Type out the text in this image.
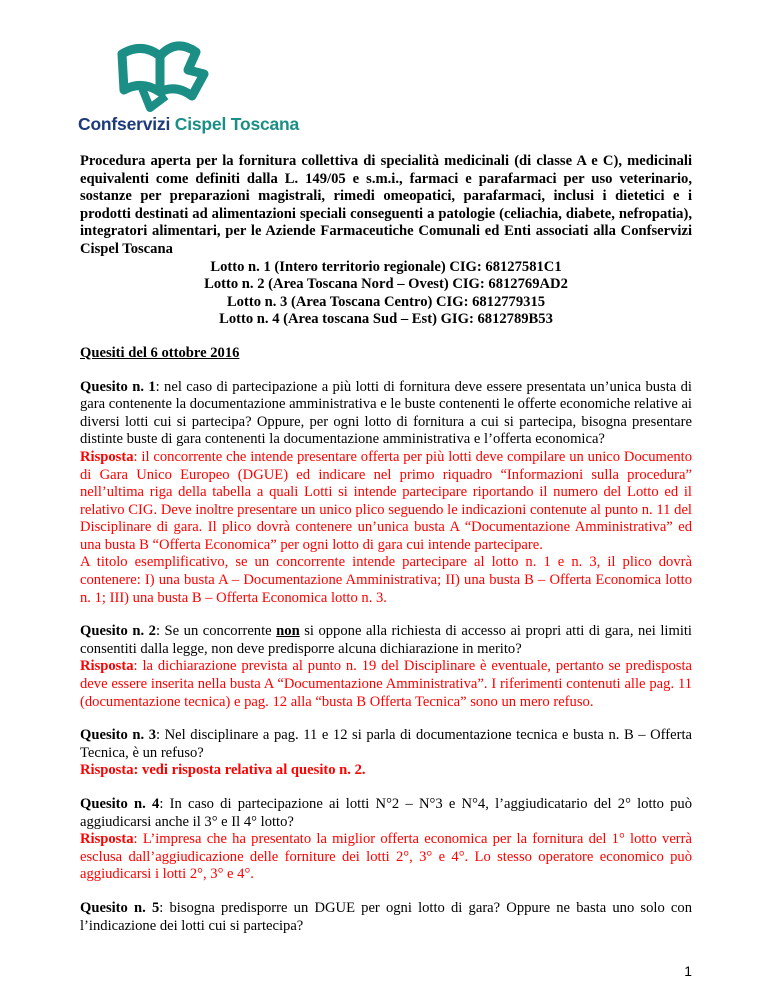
Confservizi Cispel Toscana
Procedura aperta per la fornitura collettiva di specialità medicinali (di classe A e C), medicinali equivalenti come definiti dalla L. 149/05 e s.m.i., farmaci e parafarmaci per uso veterinario, sostanze per preparazioni magistrali, rimedi omeopatici, parafarmaci, inclusi i dietetici e i prodotti destinati ad alimentazioni speciali conseguenti a patologie (celiachia, diabete, nefropatia), integratori alimentari, per le Aziende Farmaceutiche Comunali ed Enti associati alla Confservizi Cispel Toscana
Lotto n. 1 (Intero territorio regionale) CIG: 68127581C1
Lotto n. 2 (Area Toscana Nord – Ovest) CIG: 6812769AD2
Lotto n. 3 (Area Toscana Centro) CIG: 6812779315
Lotto n. 4 (Area toscana Sud – Est) GIG: 6812789B53
Quesiti del 6 ottobre 2016

Quesito n. 1: nel caso di partecipazione a più lotti di fornitura deve essere presentata un’unica busta di gara contenente la documentazione amministrativa e le buste contenenti le offerte economiche relative ai diversi lotti cui si partecipa? Oppure, per ogni lotto di fornitura a cui si partecipa, bisogna presentare distinte buste di gara contenenti la documentazione amministrativa e l’offerta economica?

Risposta: il concorrente che intende presentare offerta per più lotti deve compilare un unico Documento di Gara Unico Europeo (DGUE) ed indicare nel primo riquadro “Informazioni sulla procedura” nell’ultima riga della tabella a quali Lotti si intende partecipare riportando il numero del Lotto ed il relativo CIG. Deve inoltre presentare un unico plico seguendo le indicazioni contenute al punto n. 11 del Disciplinare di gara. Il plico dovrà contenere un’unica busta A “Documentazione Amministrativa” ed una busta B “Offerta Economica” per ogni lotto di gara cui intende partecipare.

A titolo esemplificativo, se un concorrente intende partecipare al lotto n. 1 e n. 3, il plico dovrà contenere: I) una busta A – Documentazione Amministrativa; II) una busta B – Offerta Economica lotto n. 1; III) una busta B – Offerta Economica lotto n. 3.

Quesito n. 2: Se un concorrente non si oppone alla richiesta di accesso ai propri atti di gara, nei limiti consentiti dalla legge, non deve predisporre alcuna dichiarazione in merito?

Risposta: la dichiarazione prevista al punto n. 19 del Disciplinare è eventuale, pertanto se predisposta deve essere inserita nella busta A “Documentazione Amministrativa”. I riferimenti contenuti alle pag. 11 (documentazione tecnica) e pag. 12 alla “busta B Offerta Tecnica” sono un mero refuso.

Quesito n. 3: Nel disciplinare a pag. 11 e 12 si parla di documentazione tecnica e busta n. B – Offerta Tecnica, è un refuso?

Risposta: vedi risposta relativa al quesito n. 2.

Quesito n. 4: In caso di partecipazione ai lotti N°2 – N°3 e N°4, l’aggiudicatario del 2° lotto può aggiudicarsi anche il 3° e Il 4° lotto?

Risposta: L’impresa che ha presentato la miglior offerta economica per la fornitura del 1° lotto verrà esclusa dall’aggiudicazione delle forniture dei lotti 2°, 3° e 4°. Lo stesso operatore economico può aggiudicarsi i lotti 2°, 3° e 4°.

Quesito n. 5: bisogna predisporre un DGUE per ogni lotto di gara? Oppure ne basta uno solo con l’indicazione dei lotti cui si partecipa?

1
